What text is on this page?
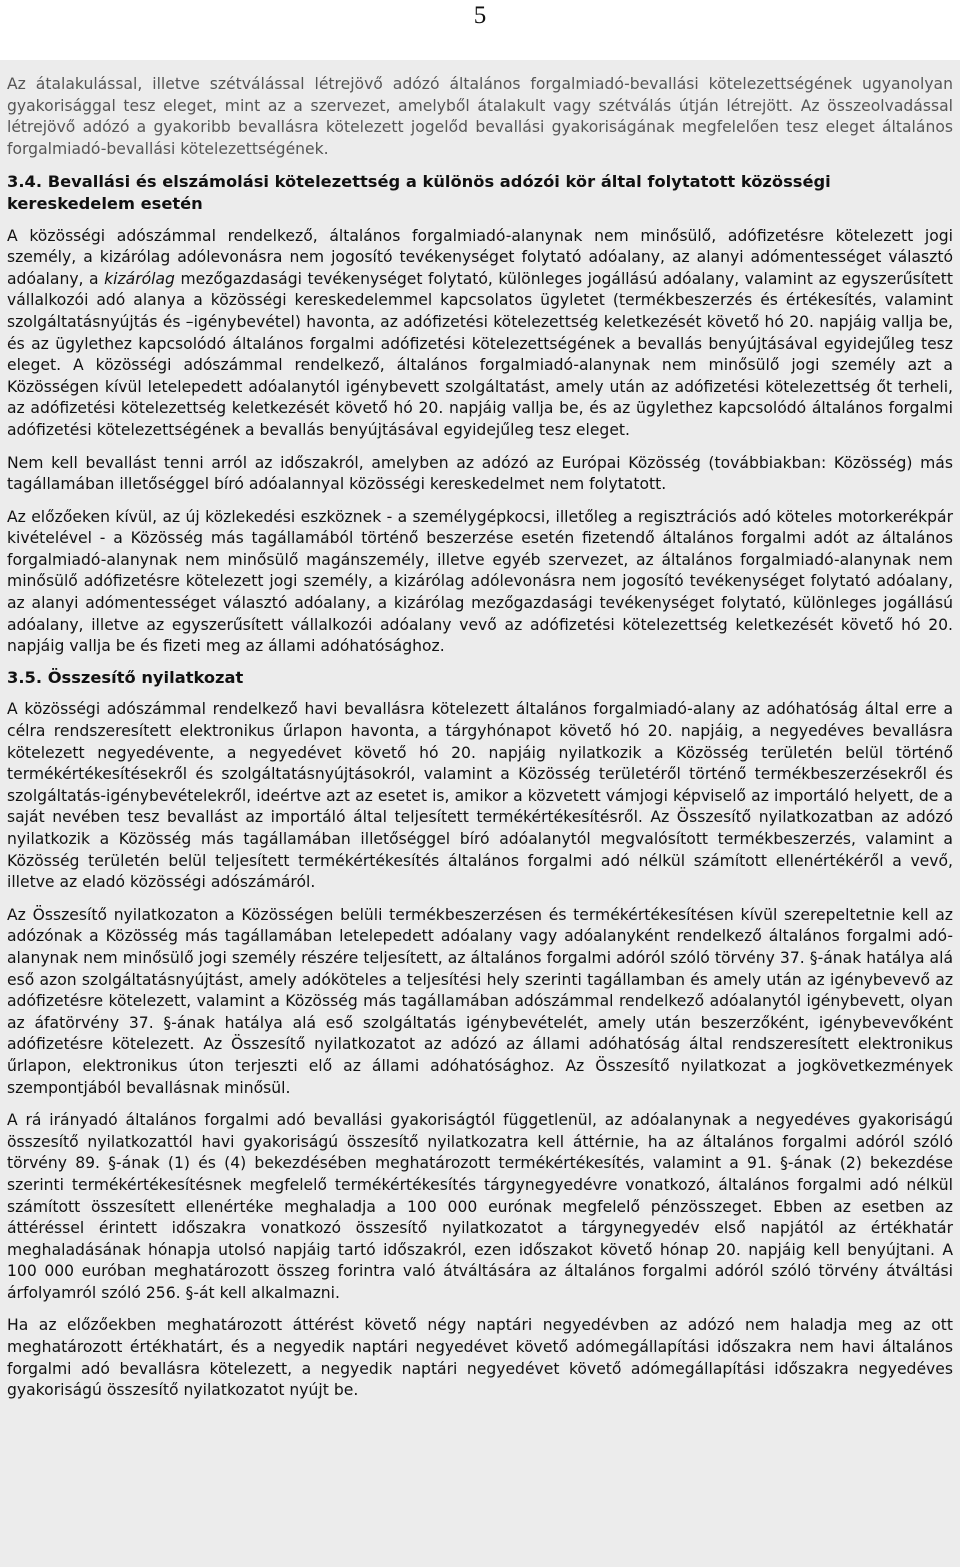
5

Az átalakulással, illetve szétválással létrejövő adózó általános forgalmiadó-bevallási kötelezettségének ugyanolyan gyakorisággal tesz eleget, mint az a szervezet, amelyből átalakult vagy szétválás útján létrejött. Az összeolvadással létrejövő adózó a gyakoribb bevallásra kötelezett jogelőd bevallási gyakoriságának megfelelően tesz eleget általános forgalmiadó-bevallási kötelezettségének.

3.4. Bevallási és elszámolási kötelezettség a különös adózói kör által folytatott közösségi kereskedelem esetén

A közösségi adószámmal rendelkező, általános forgalmiadó-alanynak nem minősülő, adófizetésre kötelezett jogi személy, a kizárólag adólevonásra nem jogosító tevékenységet folytató adóalany, az alanyi adómentességet választó adóalany, a kizárólag mezőgazdasági tevékenységet folytató, különleges jogállású adóalany, valamint az egyszerűsített vállalkozói adó alanya a közösségi kereskedelemmel kapcsolatos ügyletet (termékbeszerzés és értékesítés, valamint szolgáltatásnyújtás és –igénybevétel) havonta, az adófizetési kötelezettség keletkezését követő hó 20. napjáig vallja be, és az ügylethez kapcsolódó általános forgalmi adófizetési kötelezettségének a bevallás benyújtásával egyidejűleg tesz eleget. A közösségi adószámmal rendelkező, általános forgalmiadó-alanynak nem minősülő jogi személy azt a Közösségen kívül letelepedett adóalanytól igénybevett szolgáltatást, amely után az adófizetési kötelezettség őt terheli, az adófizetési kötelezettség keletkezését követő hó 20. napjáig vallja be, és az ügylethez kapcsolódó általános forgalmi adófizetési kötelezettségének a bevallás benyújtásával egyidejűleg tesz eleget.

Nem kell bevallást tenni arról az időszakról, amelyben az adózó az Európai Közösség (továbbiakban: Közösség) más tagállamában illetőséggel bíró adóalannyal közösségi kereskedelmet nem folytatott.

Az előzőeken kívül, az új közlekedési eszköznek - a személygépkocsi, illetőleg a regisztrációs adó köteles motorkerékpár kivételével - a Közösség más tagállamából történő beszerzése esetén fizetendő általános forgalmi adót az általános forgalmiadó-alanynak nem minősülő magánszemély, illetve egyéb szervezet, az általános forgalmiadó-alanynak nem minősülő adófizetésre kötelezett jogi személy, a kizárólag adólevonásra nem jogosító tevékenységet folytató adóalany, az alanyi adómentességet választó adóalany, a kizárólag mezőgazdasági tevékenységet folytató, különleges jogállású adóalany, illetve az egyszerűsített vállalkozói adóalany vevő az adófizetési kötelezettség keletkezését követő hó 20. napjáig vallja be és fizeti meg az állami adóhatósághoz.

3.5. Összesítő nyilatkozat

A közösségi adószámmal rendelkező havi bevallásra kötelezett általános forgalmiadó-alany az adóhatóság által erre a célra rendszeresített elektronikus űrlapon havonta, a tárgyhónapot követő hó 20. napjáig, a negyedéves bevallásra kötelezett negyedévente, a negyedévet követő hó 20. napjáig nyilatkozik a Közösség területén belül történő termékértékesítésekről és szolgáltatásnyújtásokról, valamint a Közösség területéről történő termékbeszerzésekről és szolgáltatás-igénybevételekről, ideértve azt az esetet is, amikor a közvetett vámjogi képviselő az importáló helyett, de a saját nevében tesz bevallást az importáló által teljesített termékértékesítésről. Az Összesítő nyilatkozatban az adózó nyilatkozik a Közösség más tagállamában illetőséggel bíró adóalanytól megvalósított termékbeszerzés, valamint a Közösség területén belül teljesített termékértékesítés általános forgalmi adó nélkül számított ellenértékéről a vevő, illetve az eladó közösségi adószámáról.

Az Összesítő nyilatkozaton a Közösségen belüli termékbeszerzésen és termékértékesítésen kívül szerepeltetnie kell az adózónak a Közösség más tagállamában letelepedett adóalany vagy adóalanyként rendelkező általános forgalmi adó-alanynak nem minősülő jogi személy részére teljesített, az általános forgalmi adóról szóló törvény 37. §-ának hatálya alá eső azon szolgáltatásnyújtást, amely adóköteles a teljesítési hely szerinti tagállamban és amely után az igénybevevő az adófizetésre kötelezett, valamint a Közösség más tagállamában adószámmal rendelkező adóalanytól igénybevett, olyan az áfatörvény 37. §-ának hatálya alá eső szolgáltatás igénybevételét, amely után beszerzőként, igénybevevőként adófizetésre kötelezett. Az Összesítő nyilatkozatot az adózó az állami adóhatóság által rendszeresített elektronikus űrlapon, elektronikus úton terjeszti elő az állami adóhatósághoz. Az Összesítő nyilatkozat a jogkövetkezmények szempontjából bevallásnak minősül.

A rá irányadó általános forgalmi adó bevallási gyakoriságtól függetlenül, az adóalanynak a negyedéves gyakoriságú összesítő nyilatkozattól havi gyakoriságú összesítő nyilatkozatra kell áttérnie, ha az általános forgalmi adóról szóló törvény 89. §-ának (1) és (4) bekezdésében meghatározott termékértékesítés, valamint a 91. §-ának (2) bekezdése szerinti termékértékesítésnek megfelelő termékértékesítés tárgynegyedévre vonatkozó, általános forgalmi adó nélkül számított összesített ellenértéke meghaladja a 100 000 eurónak megfelelő pénzösszeget. Ebben az esetben az áttéréssel érintett időszakra vonatkozó összesítő nyilatkozatot a tárgynegyedév első napjától az értékhatár meghaladásának hónapja utolsó napjáig tartó időszakról, ezen időszakot követő hónap 20. napjáig kell benyújtani. A 100 000 euróban meghatározott összeg forintra való átváltására az általános forgalmi adóról szóló törvény átváltási árfolyamról szóló 256. §-át kell alkalmazni.

Ha az előzőekben meghatározott áttérést követő négy naptári negyedévben az adózó nem haladja meg az ott meghatározott értékhatárt, és a negyedik naptári negyedévet követő adómegállapítási időszakra nem havi általános forgalmi adó bevallásra kötelezett, a negyedik naptári negyedévet követő adómegállapítási időszakra negyedéves gyakoriságú összesítő nyilatkozatot nyújt be.
